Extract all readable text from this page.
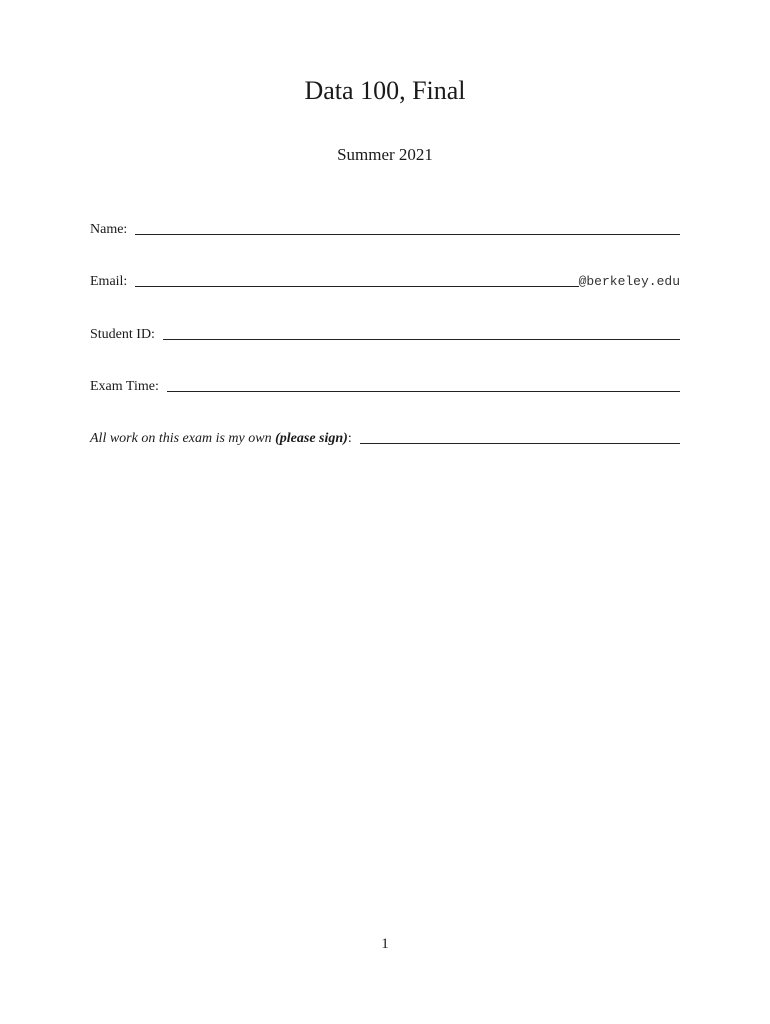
Data 100, Final
Summer 2021
Name:
Email:	@berkeley.edu
Student ID:
Exam Time:
All work on this exam is my own (please sign):
1
